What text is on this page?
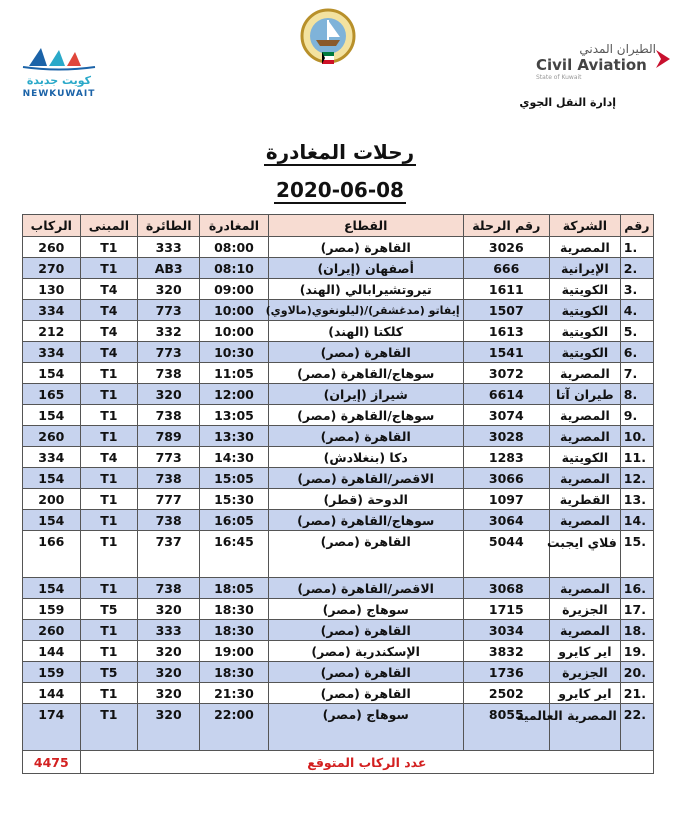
كويت جديدة
NEWKUWAIT
الطيران المدني
Civil Aviation
State of Kuwait
إدارة النقل الجوي
رحلات المغادرة
2020-06-08
رقم	الشركة	رقم الرحلة	القطاع	المغادرة	الطائرة	المبنى	الركاب
1.	المصرية	3026	القاهرة (مصر)	08:00	333	T1	260
2.	الإيرانية	666	أصفهان (إيران)	08:10	AB3	T1	270
3.	الكويتية	1611	تيروتشيرابالي (الهند)	09:00	320	T4	130
4.	الكويتية	1507	إيفاتو (مدغشقر)/(ليلونغوي(مالاوي)	10:00	773	T4	334
5.	الكويتية	1613	كلكتا (الهند)	10:00	332	T4	212
6.	الكويتية	1541	القاهرة (مصر)	10:30	773	T4	334
7.	المصرية	3072	سوهاج/القاهرة (مصر)	11:05	738	T1	154
8.	طيران آتا	6614	شيراز (إيران)	12:00	320	T1	165
9.	المصرية	3074	سوهاج/القاهرة (مصر)	13:05	738	T1	154
10.	المصرية	3028	القاهرة (مصر)	13:30	789	T1	260
11.	الكويتية	1283	دكا (بنغلادش)	14:30	773	T4	334
12.	المصرية	3066	الاقصر/القاهرة (مصر)	15:05	738	T1	154
13.	القطرية	1097	الدوحة (قطر)	15:30	777	T1	200
14.	المصرية	3064	سوهاج/القاهرة (مصر)	16:05	738	T1	154
15.	فلاي ايجبت	5044	القاهرة (مصر)	16:45	737	T1	166
16.	المصرية	3068	الاقصر/القاهرة (مصر)	18:05	738	T1	154
17.	الجزيرة	1715	سوهاج (مصر)	18:30	320	T5	159
18.	المصرية	3034	القاهرة (مصر)	18:30	333	T1	260
19.	اير كايرو	3832	الإسكندرية (مصر)	19:00	320	T1	144
20.	الجزيرة	1736	القاهرة (مصر)	18:30	320	T5	159
21.	اير كايرو	2502	القاهرة (مصر)	21:30	320	T1	144
22.	المصرية العالمية	8055	سوهاج (مصر)	22:00	320	T1	174
عدد الركاب المتوقع							4475
